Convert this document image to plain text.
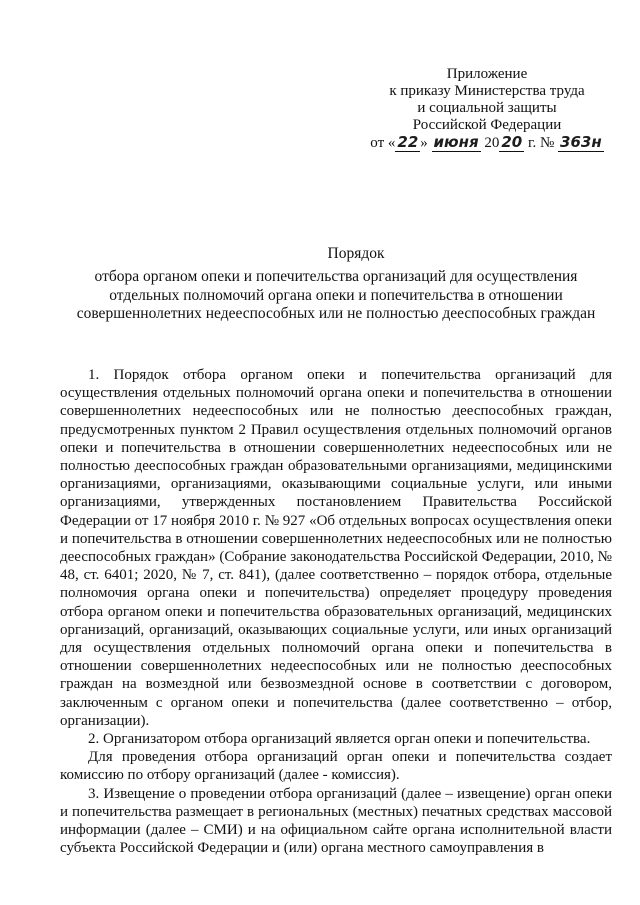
Приложение
к приказу Министерства труда
и социальной защиты
Российской Федерации
от « 22 » июня 20 20 г. № 363н
Порядок
отбора органом опеки и попечительства организаций для осуществления
отдельных полномочий органа опеки и попечительства в отношении
совершеннолетних недееспособных или не полностью дееспособных граждан

1. Порядок отбора органом опеки и попечительства организаций для осуществления отдельных полномочий органа опеки и попечительства в отношении совершеннолетних недееспособных или не полностью дееспособных граждан, предусмотренных пунктом 2 Правил осуществления отдельных полномочий органов опеки и попечительства в отношении совершеннолетних недееспособных или не полностью дееспособных граждан образовательными организациями, медицинскими организациями, организациями, оказывающими социальные услуги, или иными организациями, утвержденных постановлением Правительства Российской Федерации от 17 ноября 2010 г. № 927 «Об отдельных вопросах осуществления опеки и попечительства в отношении совершеннолетних недееспособных или не полностью дееспособных граждан» (Собрание законодательства Российской Федерации, 2010, № 48, ст. 6401; 2020, № 7, ст. 841), (далее соответственно – порядок отбора, отдельные полномочия органа опеки и попечительства) определяет процедуру проведения отбора органом опеки и попечительства образовательных организаций, медицинских организаций, организаций, оказывающих социальные услуги, или иных организаций для осуществления отдельных полномочий органа опеки и попечительства в отношении совершеннолетних недееспособных или не полностью дееспособных граждан на возмездной или безвозмездной основе в соответствии с договором, заключенным с органом опеки и попечительства (далее соответственно – отбор, организации).

2. Организатором отбора организаций является орган опеки и попечительства.

Для проведения отбора организаций орган опеки и попечительства создает комиссию по отбору организаций (далее - комиссия).

3. Извещение о проведении отбора организаций (далее – извещение) орган опеки и попечительства размещает в региональных (местных) печатных средствах массовой информации (далее – СМИ) и на официальном сайте органа исполнительной власти субъекта Российской Федерации и (или) органа местного самоуправления в
